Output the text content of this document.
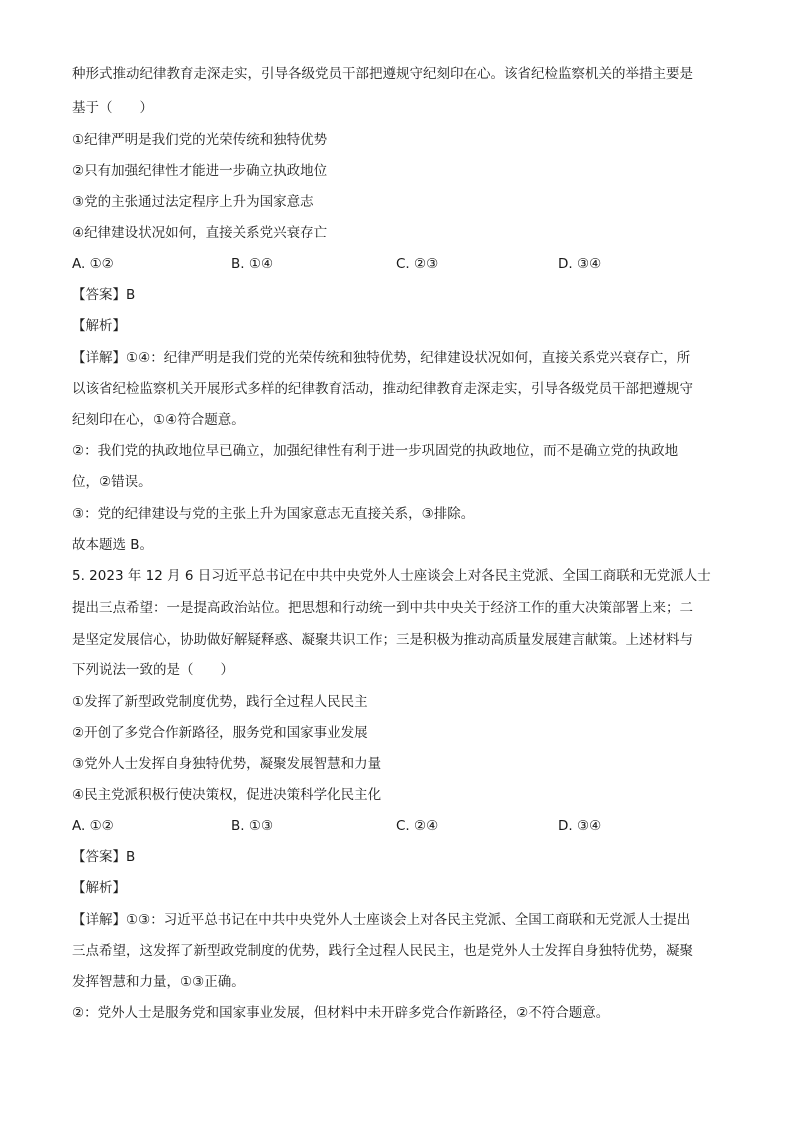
种形式推动纪律教育走深走实，引导各级党员干部把遵规守纪刻印在心。该省纪检监察机关的举措主要是
基于（　　）
①纪律严明是我们党的光荣传统和独特优势
②只有加强纪律性才能进一步确立执政地位
③党的主张通过法定程序上升为国家意志
④纪律建设状况如何，直接关系党兴衰存亡
A. ①②	B. ①④	C. ②③	D. ③④
【答案】B
【解析】
【详解】①④：纪律严明是我们党的光荣传统和独特优势，纪律建设状况如何，直接关系党兴衰存亡，所
以该省纪检监察机关开展形式多样的纪律教育活动，推动纪律教育走深走实，引导各级党员干部把遵规守
纪刻印在心，①④符合题意。
②：我们党的执政地位早已确立，加强纪律性有利于进一步巩固党的执政地位，而不是确立党的执政地
位，②错误。
③：党的纪律建设与党的主张上升为国家意志无直接关系，③排除。
故本题选 B。
5. 2023 年 12 月 6 日习近平总书记在中共中央党外人士座谈会上对各民主党派、全国工商联和无党派人士
提出三点希望：一是提高政治站位。把思想和行动统一到中共中央关于经济工作的重大决策部署上来；二
是坚定发展信心，协助做好解疑释惑、凝聚共识工作；三是积极为推动高质量发展建言献策。上述材料与
下列说法一致的是（　　）
①发挥了新型政党制度优势，践行全过程人民民主
②开创了多党合作新路径，服务党和国家事业发展
③党外人士发挥自身独特优势，凝聚发展智慧和力量
④民主党派积极行使决策权，促进决策科学化民主化
A. ①②	B. ①③	C. ②④	D. ③④
【答案】B
【解析】
【详解】①③：习近平总书记在中共中央党外人士座谈会上对各民主党派、全国工商联和无党派人士提出
三点希望，这发挥了新型政党制度的优势，践行全过程人民民主，也是党外人士发挥自身独特优势，凝聚
发挥智慧和力量，①③正确。
②：党外人士是服务党和国家事业发展，但材料中未开辟多党合作新路径，②不符合题意。
